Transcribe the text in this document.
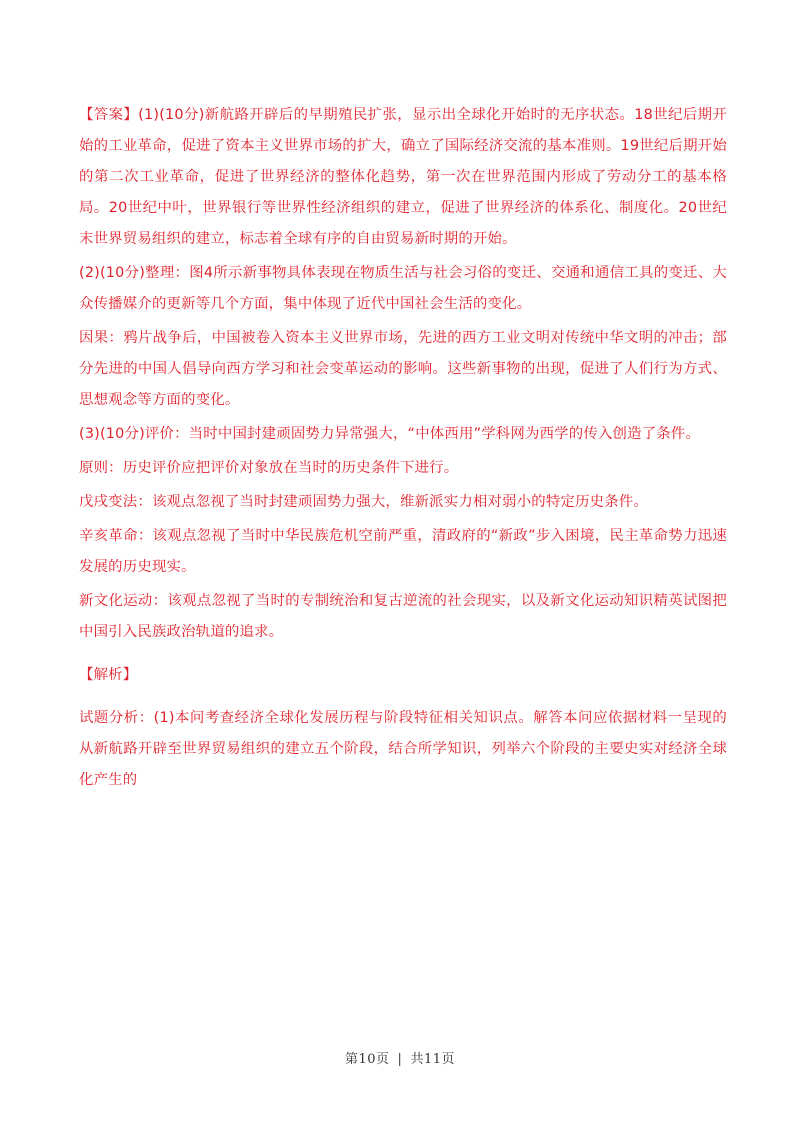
【答案】(1)(10分)新航路开辟后的早期殖民扩张，显示出全球化开始时的无序状态。18世纪后期开始的工业革命，促进了资本主义世界市场的扩大，确立了国际经济交流的基本准则。19世纪后期开始的第二次工业革命，促进了世界经济的整体化趋势，第一次在世界范围内形成了劳动分工的基本格局。20世纪中叶，世界银行等世界性经济组织的建立，促进了世界经济的体系化、制度化。20世纪末世界贸易组织的建立，标志着全球有序的自由贸易新时期的开始。

(2)(10分)整理：图4所示新事物具体表现在物质生活与社会习俗的变迁、交通和通信工具的变迁、大众传播媒介的更新等几个方面，集中体现了近代中国社会生活的变化。

因果：鸦片战争后，中国被卷入资本主义世界市场，先进的西方工业文明对传统中华文明的冲击；部分先进的中国人倡导向西方学习和社会变革运动的影响。这些新事物的出现，促进了人们行为方式、思想观念等方面的变化。

(3)(10分)评价：当时中国封建顽固势力异常强大，“中体西用”学科网为西学的传入创造了条件。

原则：历史评价应把评价对象放在当时的历史条件下进行。

戊戌变法：该观点忽视了当时封建顽固势力强大，维新派实力相对弱小的特定历史条件。

辛亥革命：该观点忽视了当时中华民族危机空前严重，清政府的“新政”步入困境，民主革命势力迅速发展的历史现实。

新文化运动：该观点忽视了当时的专制统治和复古逆流的社会现实，以及新文化运动知识精英试图把中国引入民族政治轨道的追求。

【解析】

试题分析：(1)本问考查经济全球化发展历程与阶段特征相关知识点。解答本问应依据材料一呈现的从新航路开辟至世界贸易组织的建立五个阶段，结合所学知识，列举六个阶段的主要史实对经济全球化产生的

第10页 | 共11页
